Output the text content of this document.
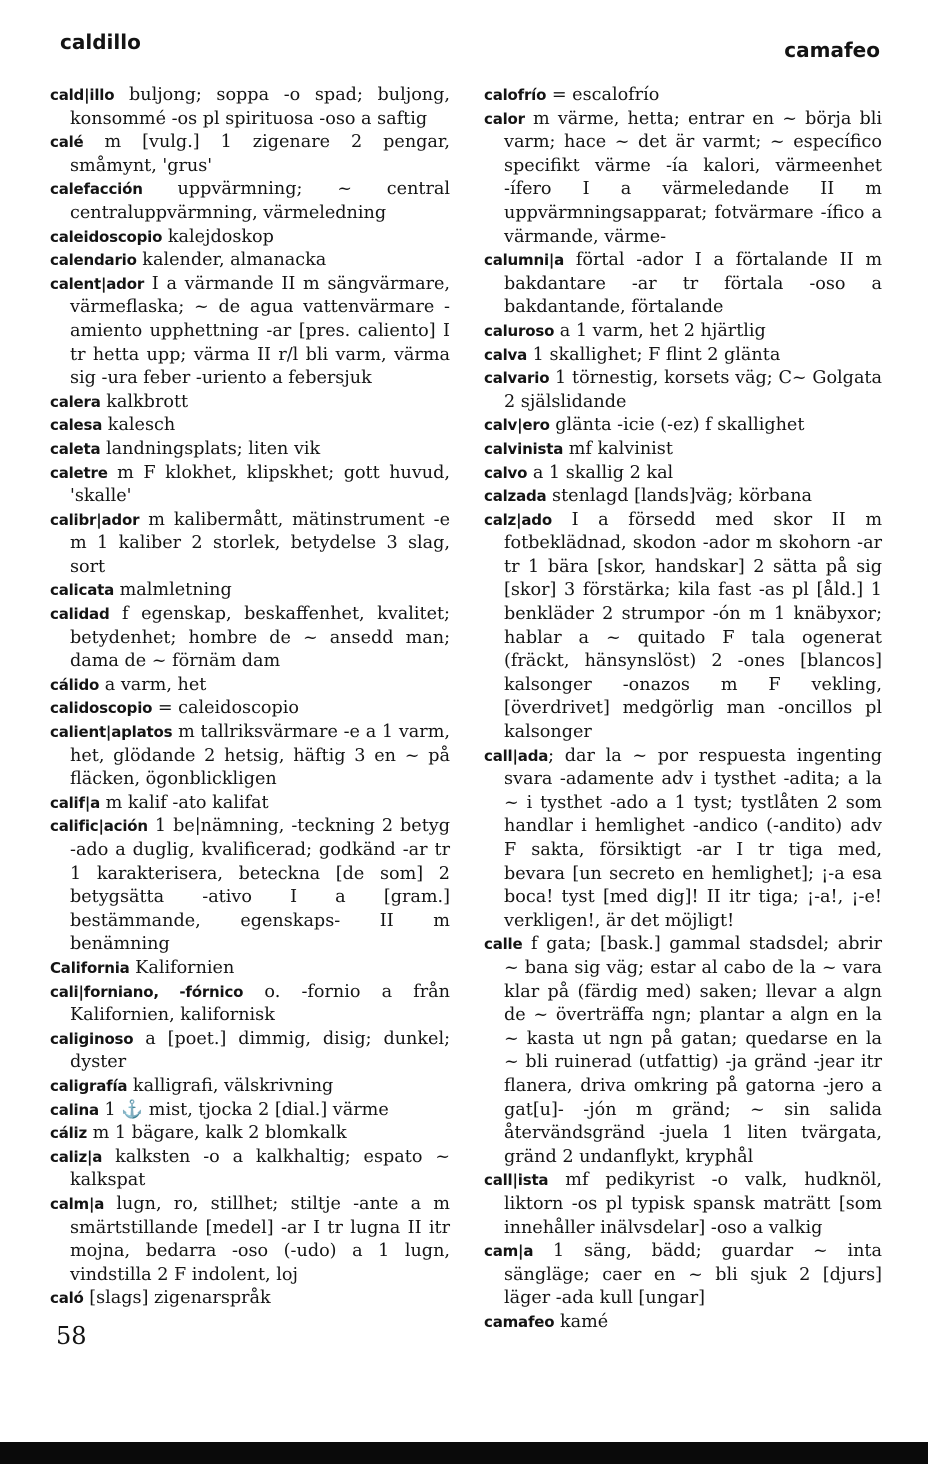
caldillo	camafeo

cald|illo buljong; soppa -o spad; buljong, konsommé -os pl spirituosa -oso a saftig

calé m [vulg.] 1 zigenare 2 pengar, småmynt, 'grus'

calefacción uppvärmning; ~ central centraluppvärmning, värmeledning

caleidoscopio kalejdoskop

calendario kalender, almanacka

calent|ador I a värmande II m sängvärmare, värmeflaska; ~ de agua vattenvärmare -amiento upphettning -ar [pres. caliento] I tr hetta upp; värma II r/l bli varm, värma sig -ura feber -uriento a febersjuk

calera kalkbrott

calesa kalesch

caleta landningsplats; liten vik

caletre m F klokhet, klipskhet; gott huvud, 'skalle'

calibr|ador m kalibermått, mätinstrument -e m 1 kaliber 2 storlek, betydelse 3 slag, sort

calicata malmletning

calidad f egenskap, beskaffenhet, kvalitet; betydenhet; hombre de ~ ansedd man; dama de ~ förnäm dam

cálido a varm, het

calidoscopio = caleidoscopio

calient|aplatos m tallriksvärmare -e a 1 varm, het, glödande 2 hetsig, häftig 3 en ~ på fläcken, ögonblickligen

calif|a m kalif -ato kalifat

calific|ación 1 be|nämning, -teckning 2 betyg -ado a duglig, kvalificerad; godkänd -ar tr 1 karakterisera, beteckna [de som] 2 betygsätta -ativo I a [gram.] bestämmande, egenskaps- II m benämning

California Kalifornien

cali|forniano, -fórnico o. -fornio a från Kalifornien, kalifornisk

caliginoso a [poet.] dimmig, disig; dunkel; dyster

caligrafía kalligrafi, välskrivning

calina 1 ⚓ mist, tjocka 2 [dial.] värme

cáliz m 1 bägare, kalk 2 blomkalk

caliz|a kalksten -o a kalkhaltig; espato ~ kalkspat

calm|a lugn, ro, stillhet; stiltje -ante a m smärtstillande [medel] -ar I tr lugna II itr mojna, bedarra -oso (-udo) a 1 lugn, vindstilla 2 F indolent, loj

caló [slags] zigenarspråk

calofrío = escalofrío

calor m värme, hetta; entrar en ~ börja bli varm; hace ~ det är varmt; ~ específico specifikt värme -ía kalori, värmeenhet -ífero I a värmeledande II m uppvärmningsapparat; fotvärmare -ífico a värmande, värme-

calumni|a förtal -ador I a förtalande II m bakdantare -ar tr förtala -oso a bakdantande, förtalande

caluroso a 1 varm, het 2 hjärtlig

calva 1 skallighet; F flint 2 glänta

calvario 1 törnestig, korsets väg; C~ Golgata 2 själslidande

calv|ero glänta -icie (-ez) f skallighet

calvinista mf kalvinist

calvo a 1 skallig 2 kal

calzada stenlagd [lands]väg; körbana

calz|ado I a försedd med skor II m fotbeklädnad, skodon -ador m skohorn -ar tr 1 bära [skor, handskar] 2 sätta på sig [skor] 3 förstärka; kila fast -as pl [åld.] 1 benkläder 2 strumpor -ón m 1 knäbyxor; hablar a ~ quitado F tala ogenerat (fräckt, hänsynslöst) 2 -ones [blancos] kalsonger -onazos m F vekling, [överdrivet] medgörlig man -oncillos pl kalsonger

call|ada; dar la ~ por respuesta ingenting svara -adamente adv i tysthet -adita; a la ~ i tysthet -ado a 1 tyst; tystlåten 2 som handlar i hemlighet -andico (-andito) adv F sakta, försiktigt -ar I tr tiga med, bevara [un secreto en hemlighet]; ¡-a esa boca! tyst [med dig]! II itr tiga; ¡-a!, ¡-e! verkligen!, är det möjligt!

calle f gata; [bask.] gammal stadsdel; abrir ~ bana sig väg; estar al cabo de la ~ vara klar på (färdig med) saken; llevar a algn de ~ överträffa ngn; plantar a algn en la ~ kasta ut ngn på gatan; quedarse en la ~ bli ruinerad (utfattig) -ja gränd -jear itr flanera, driva omkring på gatorna -jero a gat[u]- -jón m gränd; ~ sin salida återvändsgränd -juela 1 liten tvärgata, gränd 2 undanflykt, kryphål

call|ista mf pedikyrist -o valk, hudknöl, liktorn -os pl typisk spansk maträtt [som innehåller inälvsdelar] -oso a valkig

cam|a 1 säng, bädd; guardar ~ inta sängläge; caer en ~ bli sjuk 2 [djurs] läger -ada kull [ungar]

camafeo kamé

58
